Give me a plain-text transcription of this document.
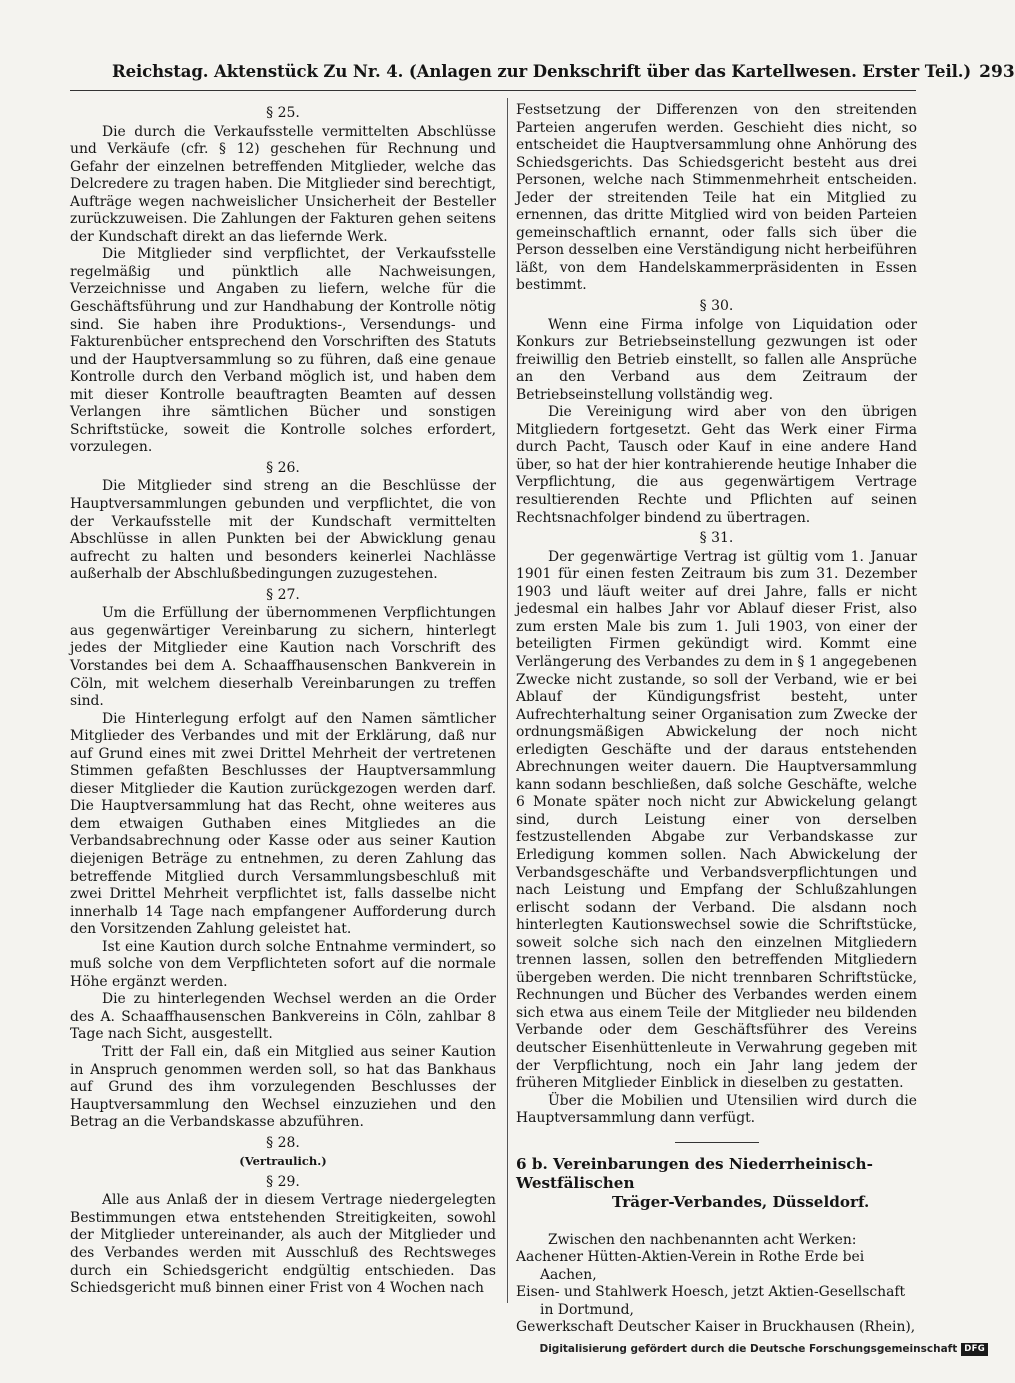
Reichstag. Aktenstück Zu Nr. 4. (Anlagen zur Denkschrift über das Kartellwesen. Erster Teil.) 293
§ 25.

Die durch die Verkaufsstelle vermittelten Abschlüsse und Verkäufe (cfr. § 12) geschehen für Rechnung und Gefahr der einzelnen betreffenden Mitglieder, welche das Delcredere zu tragen haben. Die Mitglieder sind berechtigt, Aufträge wegen nachweislicher Unsicherheit der Besteller zurückzuweisen. Die Zahlungen der Fakturen gehen seitens der Kundschaft direkt an das liefernde Werk.

Die Mitglieder sind verpflichtet, der Verkaufsstelle regelmäßig und pünktlich alle Nachweisungen, Verzeichnisse und Angaben zu liefern, welche für die Geschäftsführung und zur Handhabung der Kontrolle nötig sind. Sie haben ihre Produktions-, Versendungs- und Fakturenbücher entsprechend den Vorschriften des Statuts und der Hauptversammlung so zu führen, daß eine genaue Kontrolle durch den Verband möglich ist, und haben dem mit dieser Kontrolle beauftragten Beamten auf dessen Verlangen ihre sämtlichen Bücher und sonstigen Schriftstücke, soweit die Kontrolle solches erfordert, vorzulegen.

§ 26.

Die Mitglieder sind streng an die Beschlüsse der Hauptversammlungen gebunden und verpflichtet, die von der Verkaufsstelle mit der Kundschaft vermittelten Abschlüsse in allen Punkten bei der Abwicklung genau aufrecht zu halten und besonders keinerlei Nachlässe außerhalb der Abschlußbedingungen zuzugestehen.

§ 27.

Um die Erfüllung der übernommenen Verpflichtungen aus gegenwärtiger Vereinbarung zu sichern, hinterlegt jedes der Mitglieder eine Kaution nach Vorschrift des Vorstandes bei dem A. Schaaffhausenschen Bankverein in Cöln, mit welchem dieserhalb Vereinbarungen zu treffen sind.

Die Hinterlegung erfolgt auf den Namen sämtlicher Mitglieder des Verbandes und mit der Erklärung, daß nur auf Grund eines mit zwei Drittel Mehrheit der vertretenen Stimmen gefaßten Beschlusses der Hauptversammlung dieser Mitglieder die Kaution zurückgezogen werden darf. Die Hauptversammlung hat das Recht, ohne weiteres aus dem etwaigen Guthaben eines Mitgliedes an die Verbandsabrechnung oder Kasse oder aus seiner Kaution diejenigen Beträge zu entnehmen, zu deren Zahlung das betreffende Mitglied durch Versammlungsbeschluß mit zwei Drittel Mehrheit verpflichtet ist, falls dasselbe nicht innerhalb 14 Tage nach empfangener Aufforderung durch den Vorsitzenden Zahlung geleistet hat.

Ist eine Kaution durch solche Entnahme vermindert, so muß solche von dem Verpflichteten sofort auf die normale Höhe ergänzt werden.

Die zu hinterlegenden Wechsel werden an die Order des A. Schaaffhausenschen Bankvereins in Cöln, zahlbar 8 Tage nach Sicht, ausgestellt.

Tritt der Fall ein, daß ein Mitglied aus seiner Kaution in Anspruch genommen werden soll, so hat das Bankhaus auf Grund des ihm vorzulegenden Beschlusses der Hauptversammlung den Wechsel einzuziehen und den Betrag an die Verbandskasse abzuführen.

§ 28.
(Vertraulich.)
§ 29.

Alle aus Anlaß der in diesem Vertrage niedergelegten Bestimmungen etwa entstehenden Streitigkeiten, sowohl der Mitglieder untereinander, als auch der Mitglieder und des Verbandes werden mit Ausschluß des Rechtsweges durch ein Schiedsgericht endgültig entschieden. Das Schiedsgericht muß binnen einer Frist von 4 Wochen nach

Festsetzung der Differenzen von den streitenden Parteien angerufen werden. Geschieht dies nicht, so entscheidet die Hauptversammlung ohne Anhörung des Schiedsgerichts. Das Schiedsgericht besteht aus drei Personen, welche nach Stimmenmehrheit entscheiden. Jeder der streitenden Teile hat ein Mitglied zu ernennen, das dritte Mitglied wird von beiden Parteien gemeinschaftlich ernannt, oder falls sich über die Person desselben eine Verständigung nicht herbeiführen läßt, von dem Handelskammerpräsidenten in Essen bestimmt.

§ 30.

Wenn eine Firma infolge von Liquidation oder Konkurs zur Betriebseinstellung gezwungen ist oder freiwillig den Betrieb einstellt, so fallen alle Ansprüche an den Verband aus dem Zeitraum der Betriebseinstellung vollständig weg.

Die Vereinigung wird aber von den übrigen Mitgliedern fortgesetzt. Geht das Werk einer Firma durch Pacht, Tausch oder Kauf in eine andere Hand über, so hat der hier kontrahierende heutige Inhaber die Verpflichtung, die aus gegenwärtigem Vertrage resultierenden Rechte und Pflichten auf seinen Rechtsnachfolger bindend zu übertragen.

§ 31.

Der gegenwärtige Vertrag ist gültig vom 1. Januar 1901 für einen festen Zeitraum bis zum 31. Dezember 1903 und läuft weiter auf drei Jahre, falls er nicht jedesmal ein halbes Jahr vor Ablauf dieser Frist, also zum ersten Male bis zum 1. Juli 1903, von einer der beteiligten Firmen gekündigt wird. Kommt eine Verlängerung des Verbandes zu dem in § 1 angegebenen Zwecke nicht zustande, so soll der Verband, wie er bei Ablauf der Kündigungsfrist besteht, unter Aufrechterhaltung seiner Organisation zum Zwecke der ordnungsmäßigen Abwickelung der noch nicht erledigten Geschäfte und der daraus entstehenden Abrechnungen weiter dauern. Die Hauptversammlung kann sodann beschließen, daß solche Geschäfte, welche 6 Monate später noch nicht zur Abwickelung gelangt sind, durch Leistung einer von derselben festzustellenden Abgabe zur Verbandskasse zur Erledigung kommen sollen. Nach Abwickelung der Verbandsgeschäfte und Verbandsverpflichtungen und nach Leistung und Empfang der Schlußzahlungen erlischt sodann der Verband. Die alsdann noch hinterlegten Kautionswechsel sowie die Schriftstücke, soweit solche sich nach den einzelnen Mitgliedern trennen lassen, sollen den betreffenden Mitgliedern übergeben werden. Die nicht trennbaren Schriftstücke, Rechnungen und Bücher des Verbandes werden einem sich etwa aus einem Teile der Mitglieder neu bildenden Verbande oder dem Geschäftsführer des Vereins deutscher Eisenhüttenleute in Verwahrung gegeben mit der Verpflichtung, noch ein Jahr lang jedem der früheren Mitglieder Einblick in dieselben zu gestatten.

Über die Mobilien und Utensilien wird durch die Hauptversammlung dann verfügt.

6 b. Vereinbarungen des Niederrheinisch-Westfälischen
Träger-Verbandes, Düsseldorf.

Zwischen den nachbenannten acht Werken:

Aachener Hütten-Aktien-Verein in Rothe Erde bei Aachen,

Eisen- und Stahlwerk Hoesch, jetzt Aktien-Gesellschaft in Dortmund,

Gewerkschaft Deutscher Kaiser in Bruckhausen (Rhein),

Digitalisierung gefördert durch die Deutsche Forschungsgemeinschaft DFG
